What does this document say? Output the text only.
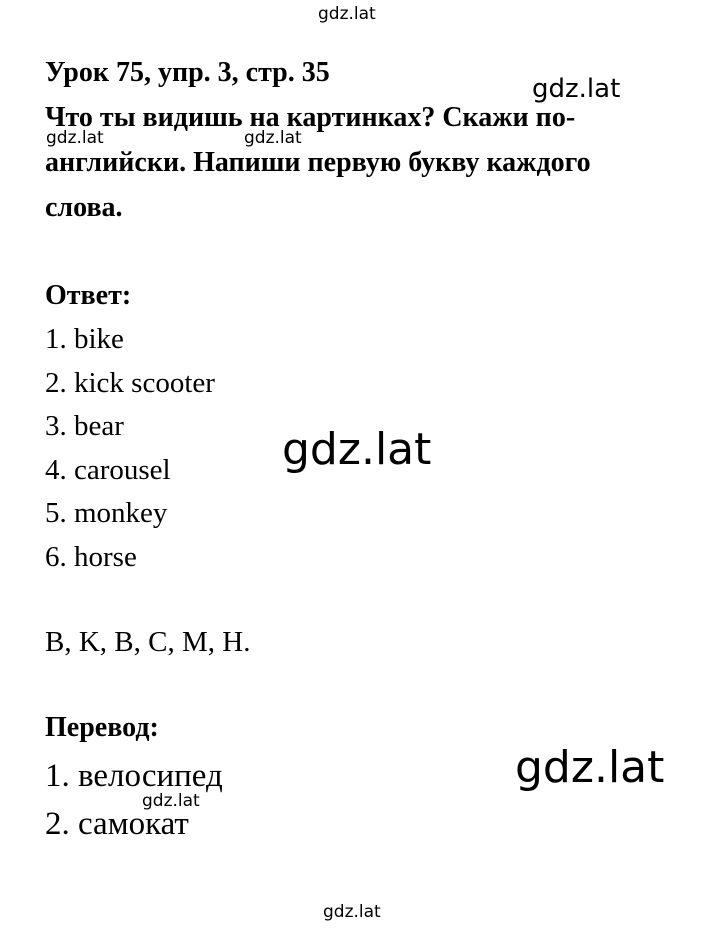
gdz.lat
Урок 75, упр. 3, стр. 35
Что ты видишь на картинках? Скажи по-
английски. Напиши первую букву каждого
слова.
gdz.lat
gdz.lat	gdz.lat
Ответ:
1. bike
2. kick scooter
3. bear
4. carousel
5. monkey
6. horse
gdz.lat
B, K, B, C, M, H.
Перевод:
1. велосипед
2. самокат
gdz.lat
gdz.lat
gdz.lat
